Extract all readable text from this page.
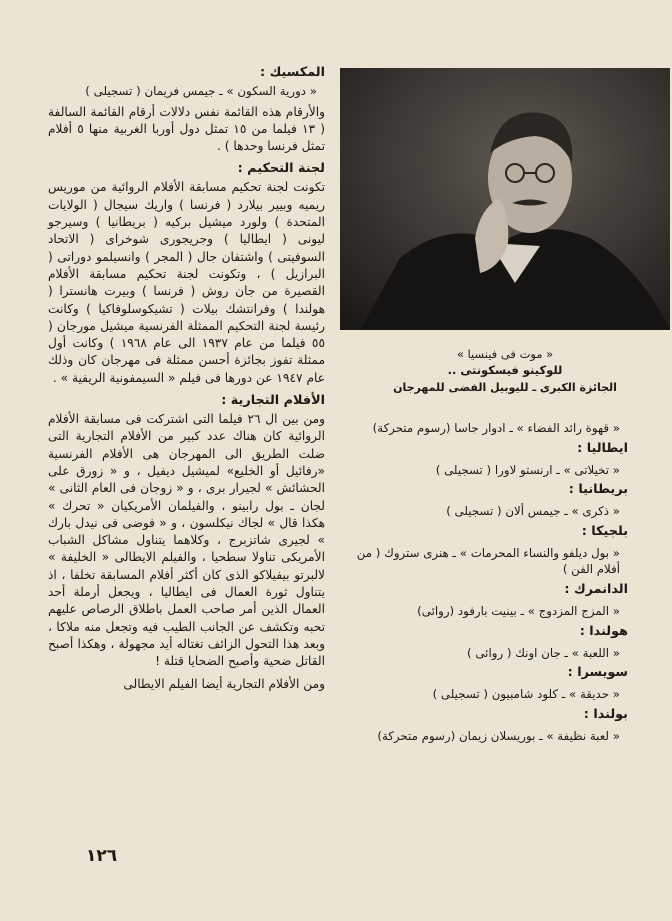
المكسيك :
« دورية السكون » ـ جيمس فريمان ( تسجيلى )

والأرقام هذه القائمة نفس دلالات أرقام القائمة السالفة ( ١٣ فيلما من ١٥ تمثل دول أوربا الغربية منها ٥ أفلام تمثل فرنسا وحدها ) .

لجنة التحكيم :

تكونت لجنة تحكيم مسابقة الأفلام الروائية من موريس ريميه وبيير بيلارد ( فرنسا ) واريك سيجال ( الولايات المتحدة ) ولورد ميشيل بركيه ( بريطانيا ) وسيرجو ليونى ( ايطاليا ) وجريجورى شوخراى ( الاتحاد السوفيتى ) واشتفان جال ( المجر ) وانسيلمو دوراتى ( البرازيل ) ، وتكونت لجنة تحكيم مسابقة الأفلام القصيرة من جان روش ( فرنسا ) وبيرت هانسترا ( هولندا ) وفرانتشك بيلات ( تشيكوسلوفاكيا ) وكانت رئيسة لجنة التحكيم الممثلة الفرنسية ميشيل مورجان ( ٥٥ فيلما من عام ١٩٣٧ الى عام ١٩٦٨ ) وكانت أول ممثلة تفوز بجائزة أحسن ممثلة فى مهرجان كان وذلك عام ١٩٤٧ عن دورها فى فيلم « السيمفونية الريفية » .

الأفلام التجارية :

ومن بين ال ٢٦ فيلما التى اشتركت فى مسابقة الأفلام الروائية كان هناك عدد كبير من الأفلام التجارية التى ضلت الطريق الى المهرجان هى الأفلام الفرنسية «رفائيل أو الخليع» لميشيل ديفيل ، و « زورق على الحشائش » لجيرار برى ، و « زوجان فى العام الثانى » لجان ـ بول رابينو ، والفيلمان الأمريكيان « تحرك » هكذا قال » لجاك نيكلسون ، و « فوضى فى نيدل بارك » لجيرى شاتزبرج ، وكلاهما يتناول مشاكل الشباب الأمريكى تناولا سطحيا ، والفيلم الايطالى « الخليفة » لالبرتو بيفيلاكو الذى كان أكثر أفلام المسابقة تخلفا ، اذ يتناول ثورة العمال فى ايطاليا ، ويجعل أرملة أحد العمال الذين أمر صاحب العمل باطلاق الرصاص عليهم تحبه وتكشف عن الجانب الطيب فيه وتجعل منه ملاكا ، وبعد هذا التحول الزائف تغتاله أيد مجهولة ، وهكذا أصبح القاتل ضحية وأصبح الضحايا قتلة !

ومن الأفلام التجارية أيضا الفيلم الايطالى

« موت فى فينسيا »

للوكينو فيسكونتى ..

الجائزة الكبرى ـ لليوبيل الفضى للمهرجان

« قهوة رائد الفضاء » ـ ادوار جاسا (رسوم متحركة)
ايطاليا :
« تخيلاتى » ـ ارنستو لاورا ( تسجيلى )
بريطانيا :
« ذكرى » ـ جيمس ألان ( تسجيلى )
بلجيكا :
« بول ديلفو والنساء المحرمات » ـ هنرى ستروك ( من أفلام الفن )
الدانمرك :
« المزج المزدوج » ـ بينيت بارفود (روائى)
هولندا :
« اللعبة » ـ جان اونك ( روائى )
سويسرا :
« حديقة » ـ كلود شامبيون ( تسجيلى )
بولندا :
« لعبة نظيفة » ـ بوريسلان زيمان (رسوم متحركة)
١٢٦
